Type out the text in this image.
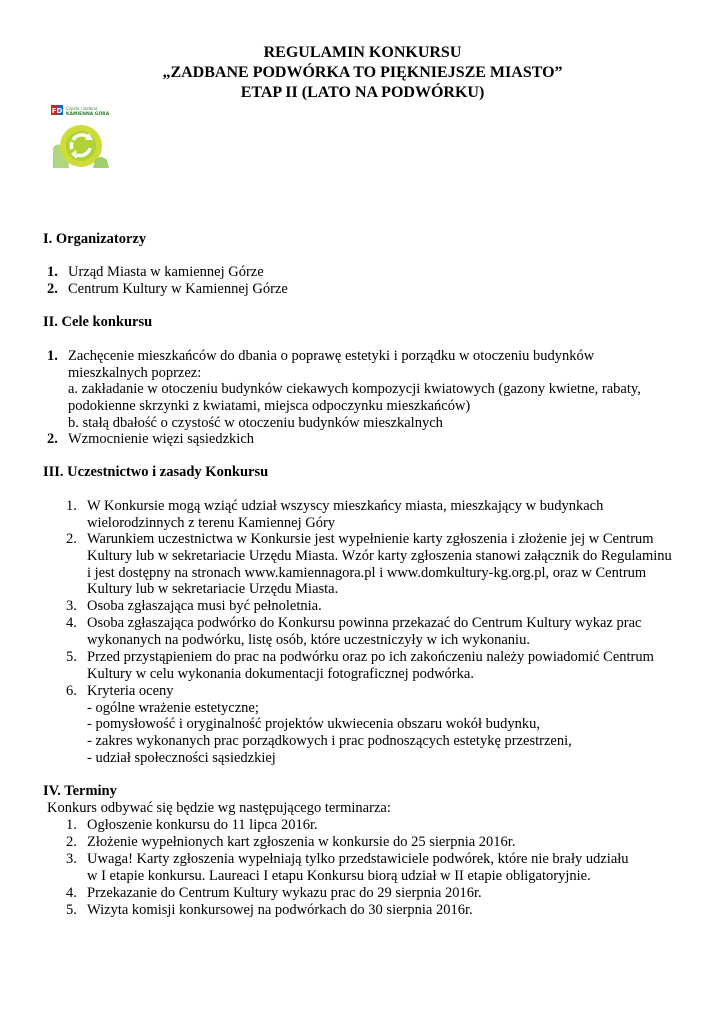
REGULAMIN KONKURSU
„ZADBANE PODWÓRKA TO PIĘKNIEJSZE MIASTO”
ETAP II (LATO NA PODWÓRKU)
FD Czysta i zielona
KAMIENNA GÓRA
I. Organizatorzy
1. Urząd Miasta w kamiennej Górze
2. Centrum Kultury w Kamiennej Górze
II. Cele konkursu
1. Zachęcenie mieszkańców do dbania o poprawę estetyki i porządku w otoczeniu budynków
mieszkalnych poprzez:
a. zakładanie w otoczeniu budynków ciekawych kompozycji kwiatowych (gazony kwietne, rabaty,
podokienne skrzynki z kwiatami, miejsca odpoczynku mieszkańców)
b. stałą dbałość o czystość w otoczeniu budynków mieszkalnych
2. Wzmocnienie więzi sąsiedzkich
III. Uczestnictwo i zasady Konkursu
1. W Konkursie mogą wziąć udział wszyscy mieszkańcy miasta, mieszkający w budynkach
wielorodzinnych z terenu Kamiennej Góry
2. Warunkiem uczestnictwa w Konkursie jest wypełnienie karty zgłoszenia i złożenie jej w Centrum
Kultury lub w sekretariacie Urzędu Miasta. Wzór karty zgłoszenia stanowi załącznik do Regulaminu
i jest dostępny na stronach www.kamiennagora.pl i www.domkultury-kg.org.pl, oraz w Centrum
Kultury lub w sekretariacie Urzędu Miasta.
3. Osoba zgłaszająca musi być pełnoletnia.
4. Osoba zgłaszająca podwórko do Konkursu powinna przekazać do Centrum Kultury wykaz prac
wykonanych na podwórku, listę osób, które uczestniczyły w ich wykonaniu.
5. Przed przystąpieniem do prac na podwórku oraz po ich zakończeniu należy powiadomić Centrum
Kultury w celu wykonania dokumentacji fotograficznej podwórka.
6. Kryteria oceny
- ogólne wrażenie estetyczne;
- pomysłowość i oryginalność projektów ukwiecenia obszaru wokół budynku,
- zakres wykonanych prac porządkowych i prac podnoszących estetykę przestrzeni,
- udział społeczności sąsiedzkiej
IV. Terminy
Konkurs odbywać się będzie wg następującego terminarza:
1. Ogłoszenie konkursu do 11 lipca 2016r.
2. Złożenie wypełnionych kart zgłoszenia w konkursie do 25 sierpnia 2016r.
3. Uwaga! Karty zgłoszenia wypełniają tylko przedstawiciele podwórek, które nie brały udziału
w I etapie konkursu. Laureaci I etapu Konkursu biorą udział w II etapie obligatoryjnie.
4. Przekazanie do Centrum Kultury wykazu prac do 29 sierpnia 2016r.
5. Wizyta komisji konkursowej na podwórkach do 30 sierpnia 2016r.
